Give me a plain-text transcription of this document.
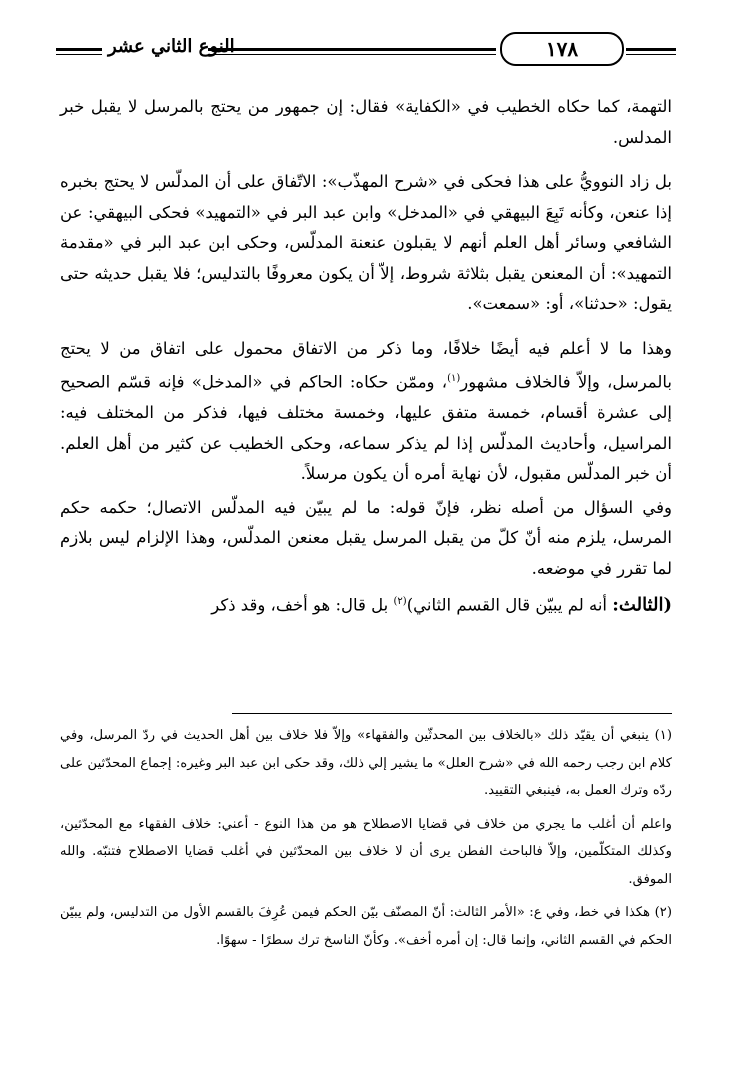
١٧٨
النوع الثاني عشر

التهمة، كما حكاه الخطيب في «الكفاية» فقال: إن جمهور من يحتج بالمرسل لا يقبل خبر المدلس.

بل زاد النوويُّ على هذا فحكى في «شرح المهذّب»: الاتّفاق على أن المدلّس لا يحتج بخبره إذا عنعن، وكأنه تَبِعَ البيهقي في «المدخل» وابن عبد البر في «التمهيد» فحكى البيهقي: عن الشافعي وسائر أهل العلم أنهم لا يقبلون عنعنة المدلّس، وحكى ابن عبد البر في «مقدمة التمهيد»: أن المعنعن يقبل بثلاثة شروط، إلاّ أن يكون معروفًا بالتدليس؛ فلا يقبل حديثه حتى يقول: «حدثنا»، أو: «سمعت».

وهذا ما لا أعلم فيه أيضًا خلافًا، وما ذكر من الاتفاق محمول على اتفاق من لا يحتج بالمرسل، وإلاّ فالخلاف مشهور$^{(١)}$، وممّن حكاه: الحاكم في «المدخل» فإنه قسّم الصحيح إلى عشرة أقسام، خمسة متفق عليها، وخمسة مختلف فيها، فذكر من المختلف فيه: المراسيل، وأحاديث المدلّس إذا لم يذكر سماعه، وحكى الخطيب عن كثير من أهل العلم. أن خبر المدلّس مقبول، لأن نهاية أمره أن يكون مرسلاً.

وفي السؤال من أصله نظر، فإنّ قوله: ما لم يبيّن فيه المدلّس الاتصال؛ حكمه حكم المرسل، يلزم منه أنّ كلّ من يقبل المرسل يقبل معنعن المدلّس، وهذا الإلزام ليس بلازم لما تقرر في موضعه.

(الثالث: أنه لم يبيّن قال القسم الثاني)$^{(٢)}$ بل قال: هو أخف، وقد ذكر

(١) ينبغي أن يقيّد ذلك «بالخلاف بين المحدثّين والفقهاء» وإلاّ فلا خلاف بين أهل الحديث في ردّ المرسل، وفي كلام ابن رجب رحمه الله في «شرح العلل» ما يشير إلي ذلك، وقد حكى ابن عبد البر وغيره: إجماع المحدّثين على ردّه وترك العمل به، فينبغي التقييد.

واعلم أن أغلب ما يجري من خلاف في قضايا الاصطلاح هو من هذا النوع - أعني: خلاف الفقهاء مع المحدّثين، وكذلك المتكلّمين، وإلاّ فالباحث الفطن يرى أن لا خلاف بين المحدّثين في أغلب قضايا الاصطلاح فتنبّه. والله الموفق.

(٢) هكذا في خط، وفي ع: «الأمر الثالث: أنّ المصنّف بيّن الحكم فيمن عُرِفَ بالقسم الأول من التدليس، ولم يبيّن الحكم في القسم الثاني، وإنما قال: إن أمره أخف». وكأنّ الناسخ ترك سطرًا - سهوًا.
